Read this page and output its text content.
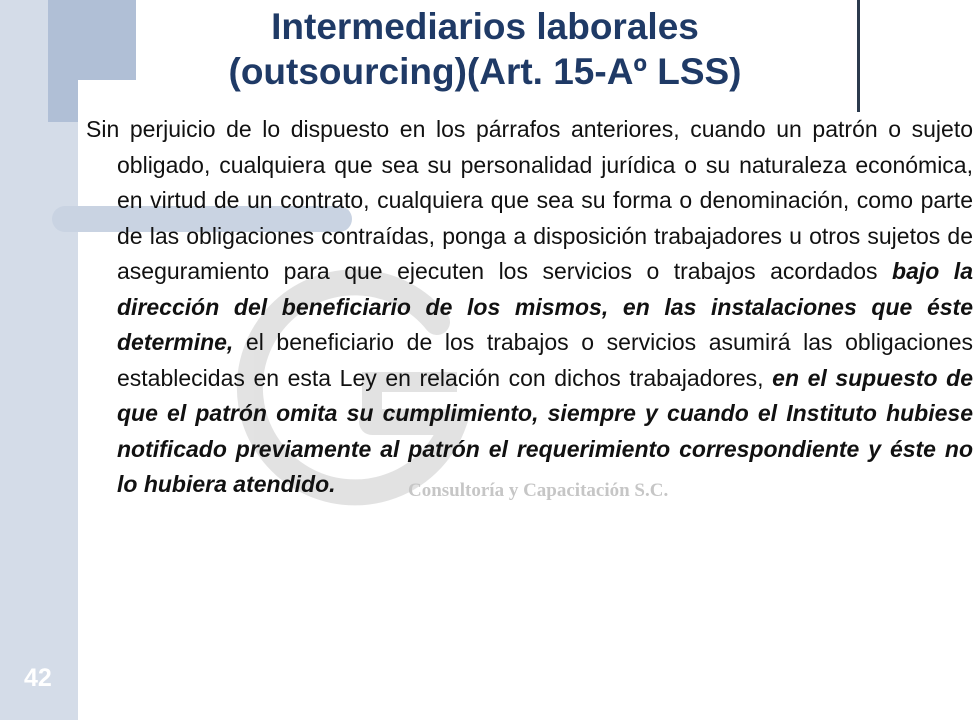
Consultoría y Capacitación S.C.
Intermediarios laborales
(outsourcing)(Art. 15-Aº LSS)

Sin perjuicio de lo dispuesto en los párrafos anteriores, cuando un patrón o sujeto obligado, cualquiera que sea su personalidad jurídica o su naturaleza económica, en virtud de un contrato, cualquiera que sea su forma o denominación, como parte de las obligaciones contraídas, ponga a disposición trabajadores u otros sujetos de aseguramiento para que ejecuten los servicios o trabajos acordados bajo la dirección del beneficiario de los mismos, en las instalaciones que éste determine, el beneficiario de los trabajos o servicios asumirá las obligaciones establecidas en esta Ley en relación con dichos trabajadores, en el supuesto de que el patrón omita su cumplimiento, siempre y cuando el Instituto hubiese notificado previamente al patrón el requerimiento correspondiente y éste no lo hubiera atendido.

42
